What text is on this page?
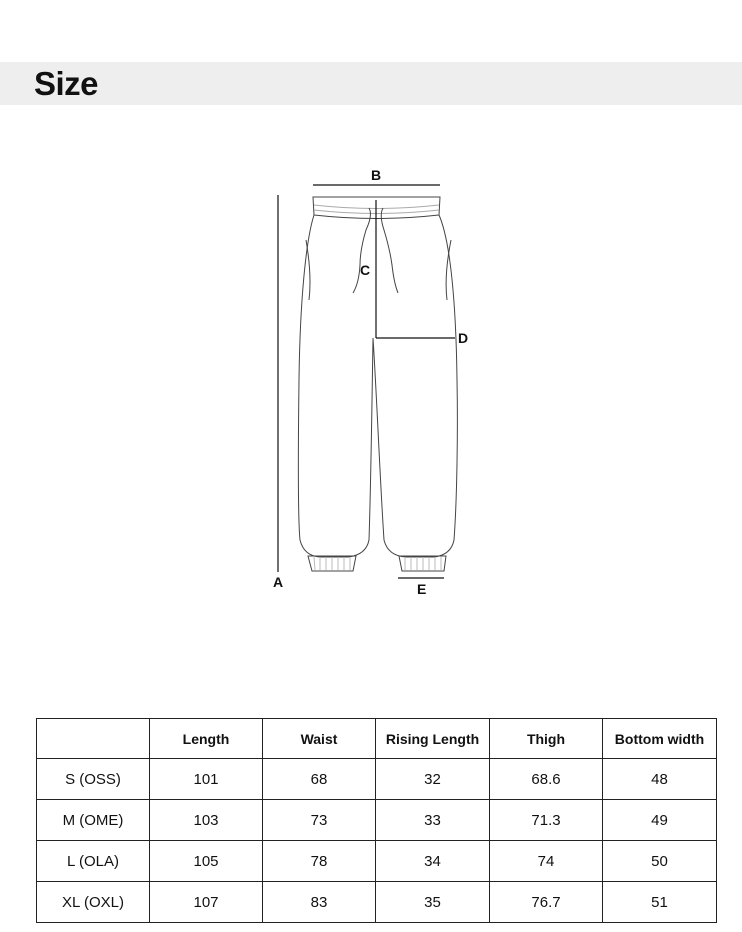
Size
A
B
C
D
E
	Length	Waist	Rising Length	Thigh	Bottom width
S (OSS)	101	68	32	68.6	48
M (OME)	103	73	33	71.3	49
L (OLA)	105	78	34	74	50
XL (OXL)	107	83	35	76.7	51
